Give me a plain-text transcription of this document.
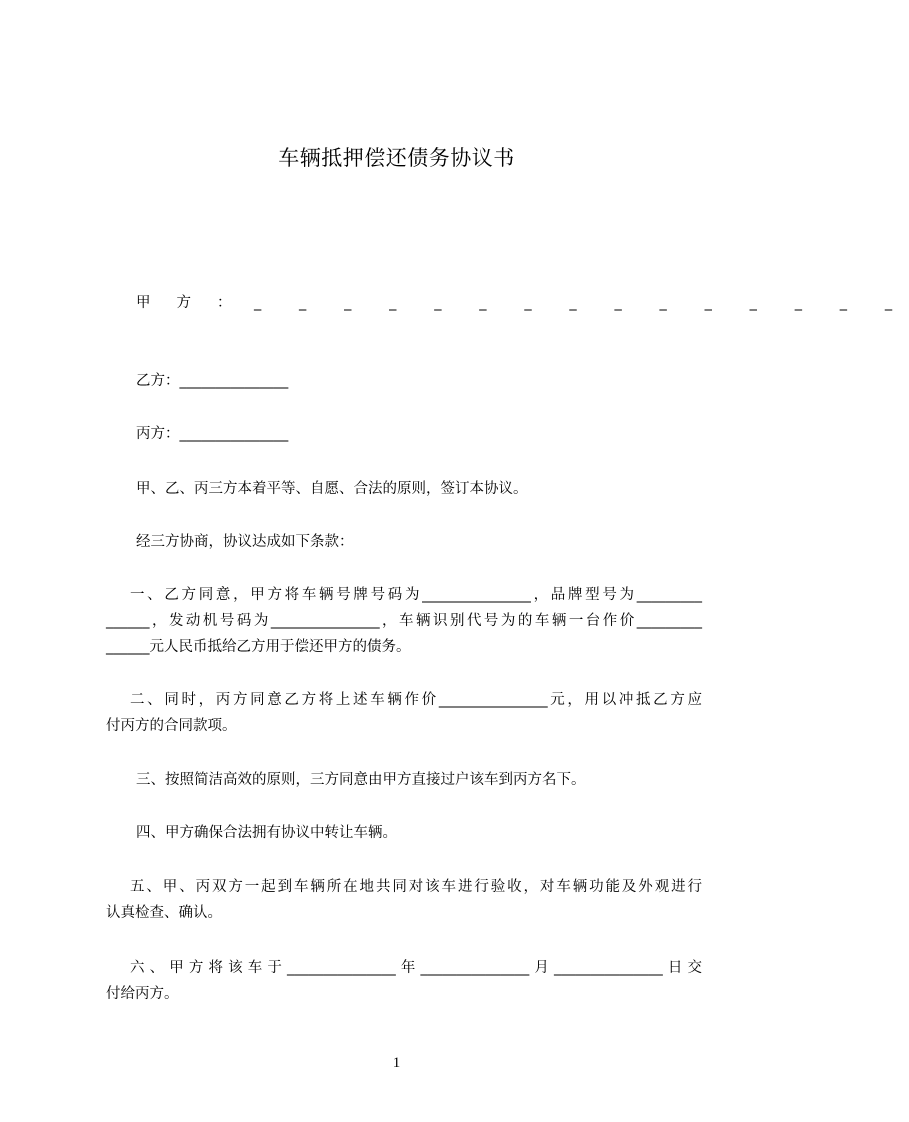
车辆抵押偿还债务协议书
甲方：
_ _ _ _ _ _ _ _ _ _ _ _ _ _ _
乙方：_______________
丙方：_______________
甲、乙、丙三方本着平等、自愿、合法的原则，签订本协议。
经三方协商，协议达成如下条款：
一、乙方同意，甲方将车辆号牌号码为_______________，品牌型号为_________
______，发动机号码为_______________，车辆识别代号为的车辆一台作价_________
______元人民币抵给乙方用于偿还甲方的债务。
二、同时，丙方同意乙方将上述车辆作价_______________元，用以冲抵乙方应
付丙方的合同款项。
三、按照简洁高效的原则，三方同意由甲方直接过户该车到丙方名下。
四、甲方确保合法拥有协议中转让车辆。
五、甲、丙双方一起到车辆所在地共同对该车进行验收，对车辆功能及外观进行
认真检查、确认。
六、甲方将该车于_______________年_______________月_______________日交
付给丙方。
1
